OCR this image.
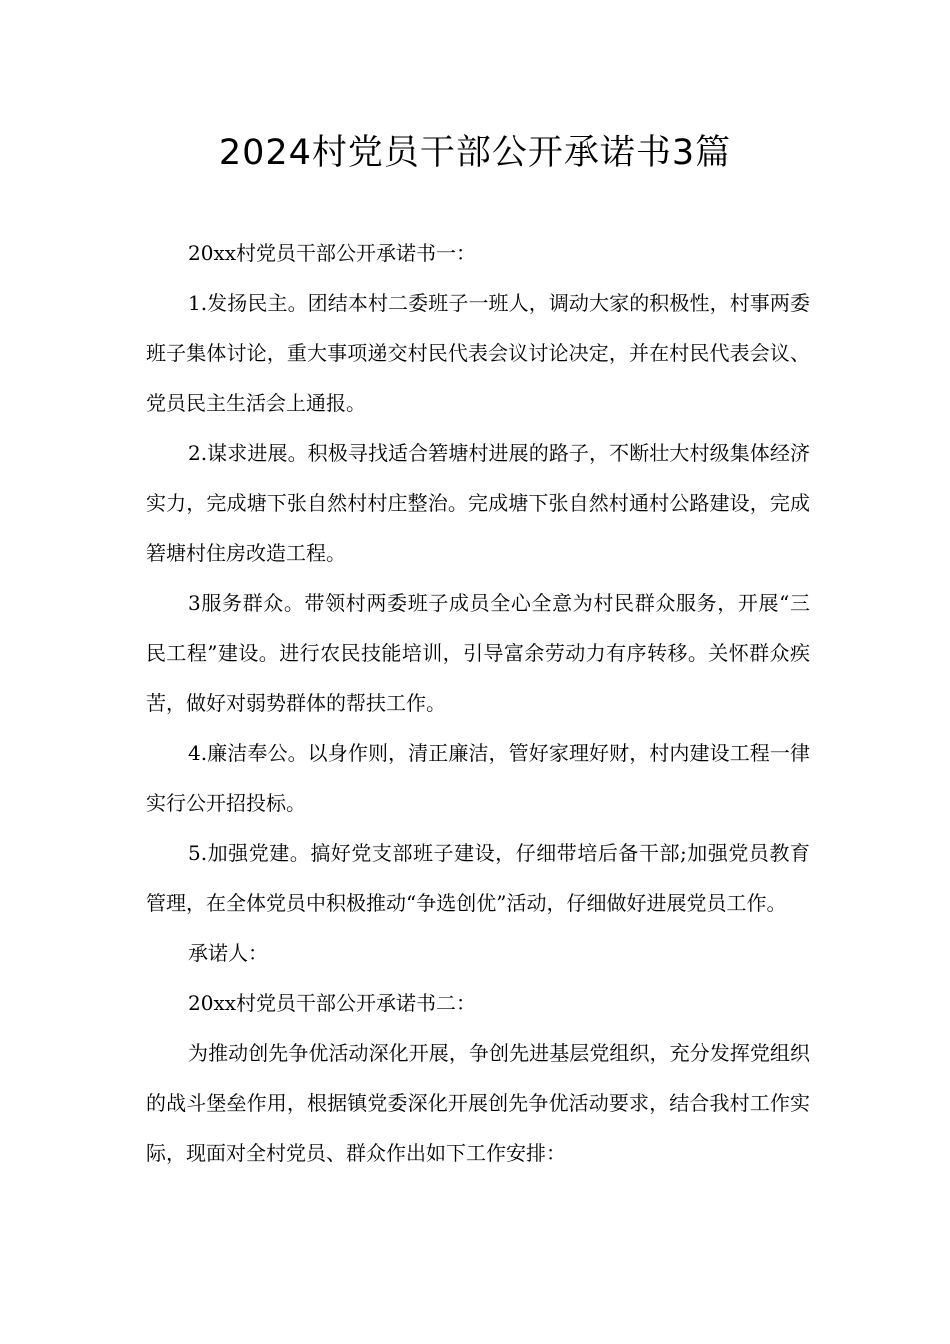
2024村党员干部公开承诺书3篇

20xx村党员干部公开承诺书一：

1.发扬民主。团结本村二委班子一班人，调动大家的积极性，村事两委班子集体讨论，重大事项递交村民代表会议讨论决定，并在村民代表会议、党员民主生活会上通报。

2.谋求进展。积极寻找适合箬塘村进展的路子，不断壮大村级集体经济实力，完成塘下张自然村村庄整治。完成塘下张自然村通村公路建设，完成箬塘村住房改造工程。

3服务群众。带领村两委班子成员全心全意为村民群众服务，开展“三民工程”建设。进行农民技能培训，引导富余劳动力有序转移。关怀群众疾苦，做好对弱势群体的帮扶工作。

4.廉洁奉公。以身作则，清正廉洁，管好家理好财，村内建设工程一律实行公开招投标。

5.加强党建。搞好党支部班子建设，仔细带培后备干部;加强党员教育管理，在全体党员中积极推动“争选创优”活动，仔细做好进展党员工作。

承诺人：

20xx村党员干部公开承诺书二：

为推动创先争优活动深化开展，争创先进基层党组织，充分发挥党组织的战斗堡垒作用，根据镇党委深化开展创先争优活动要求，结合我村工作实际，现面对全村党员、群众作出如下工作安排：
